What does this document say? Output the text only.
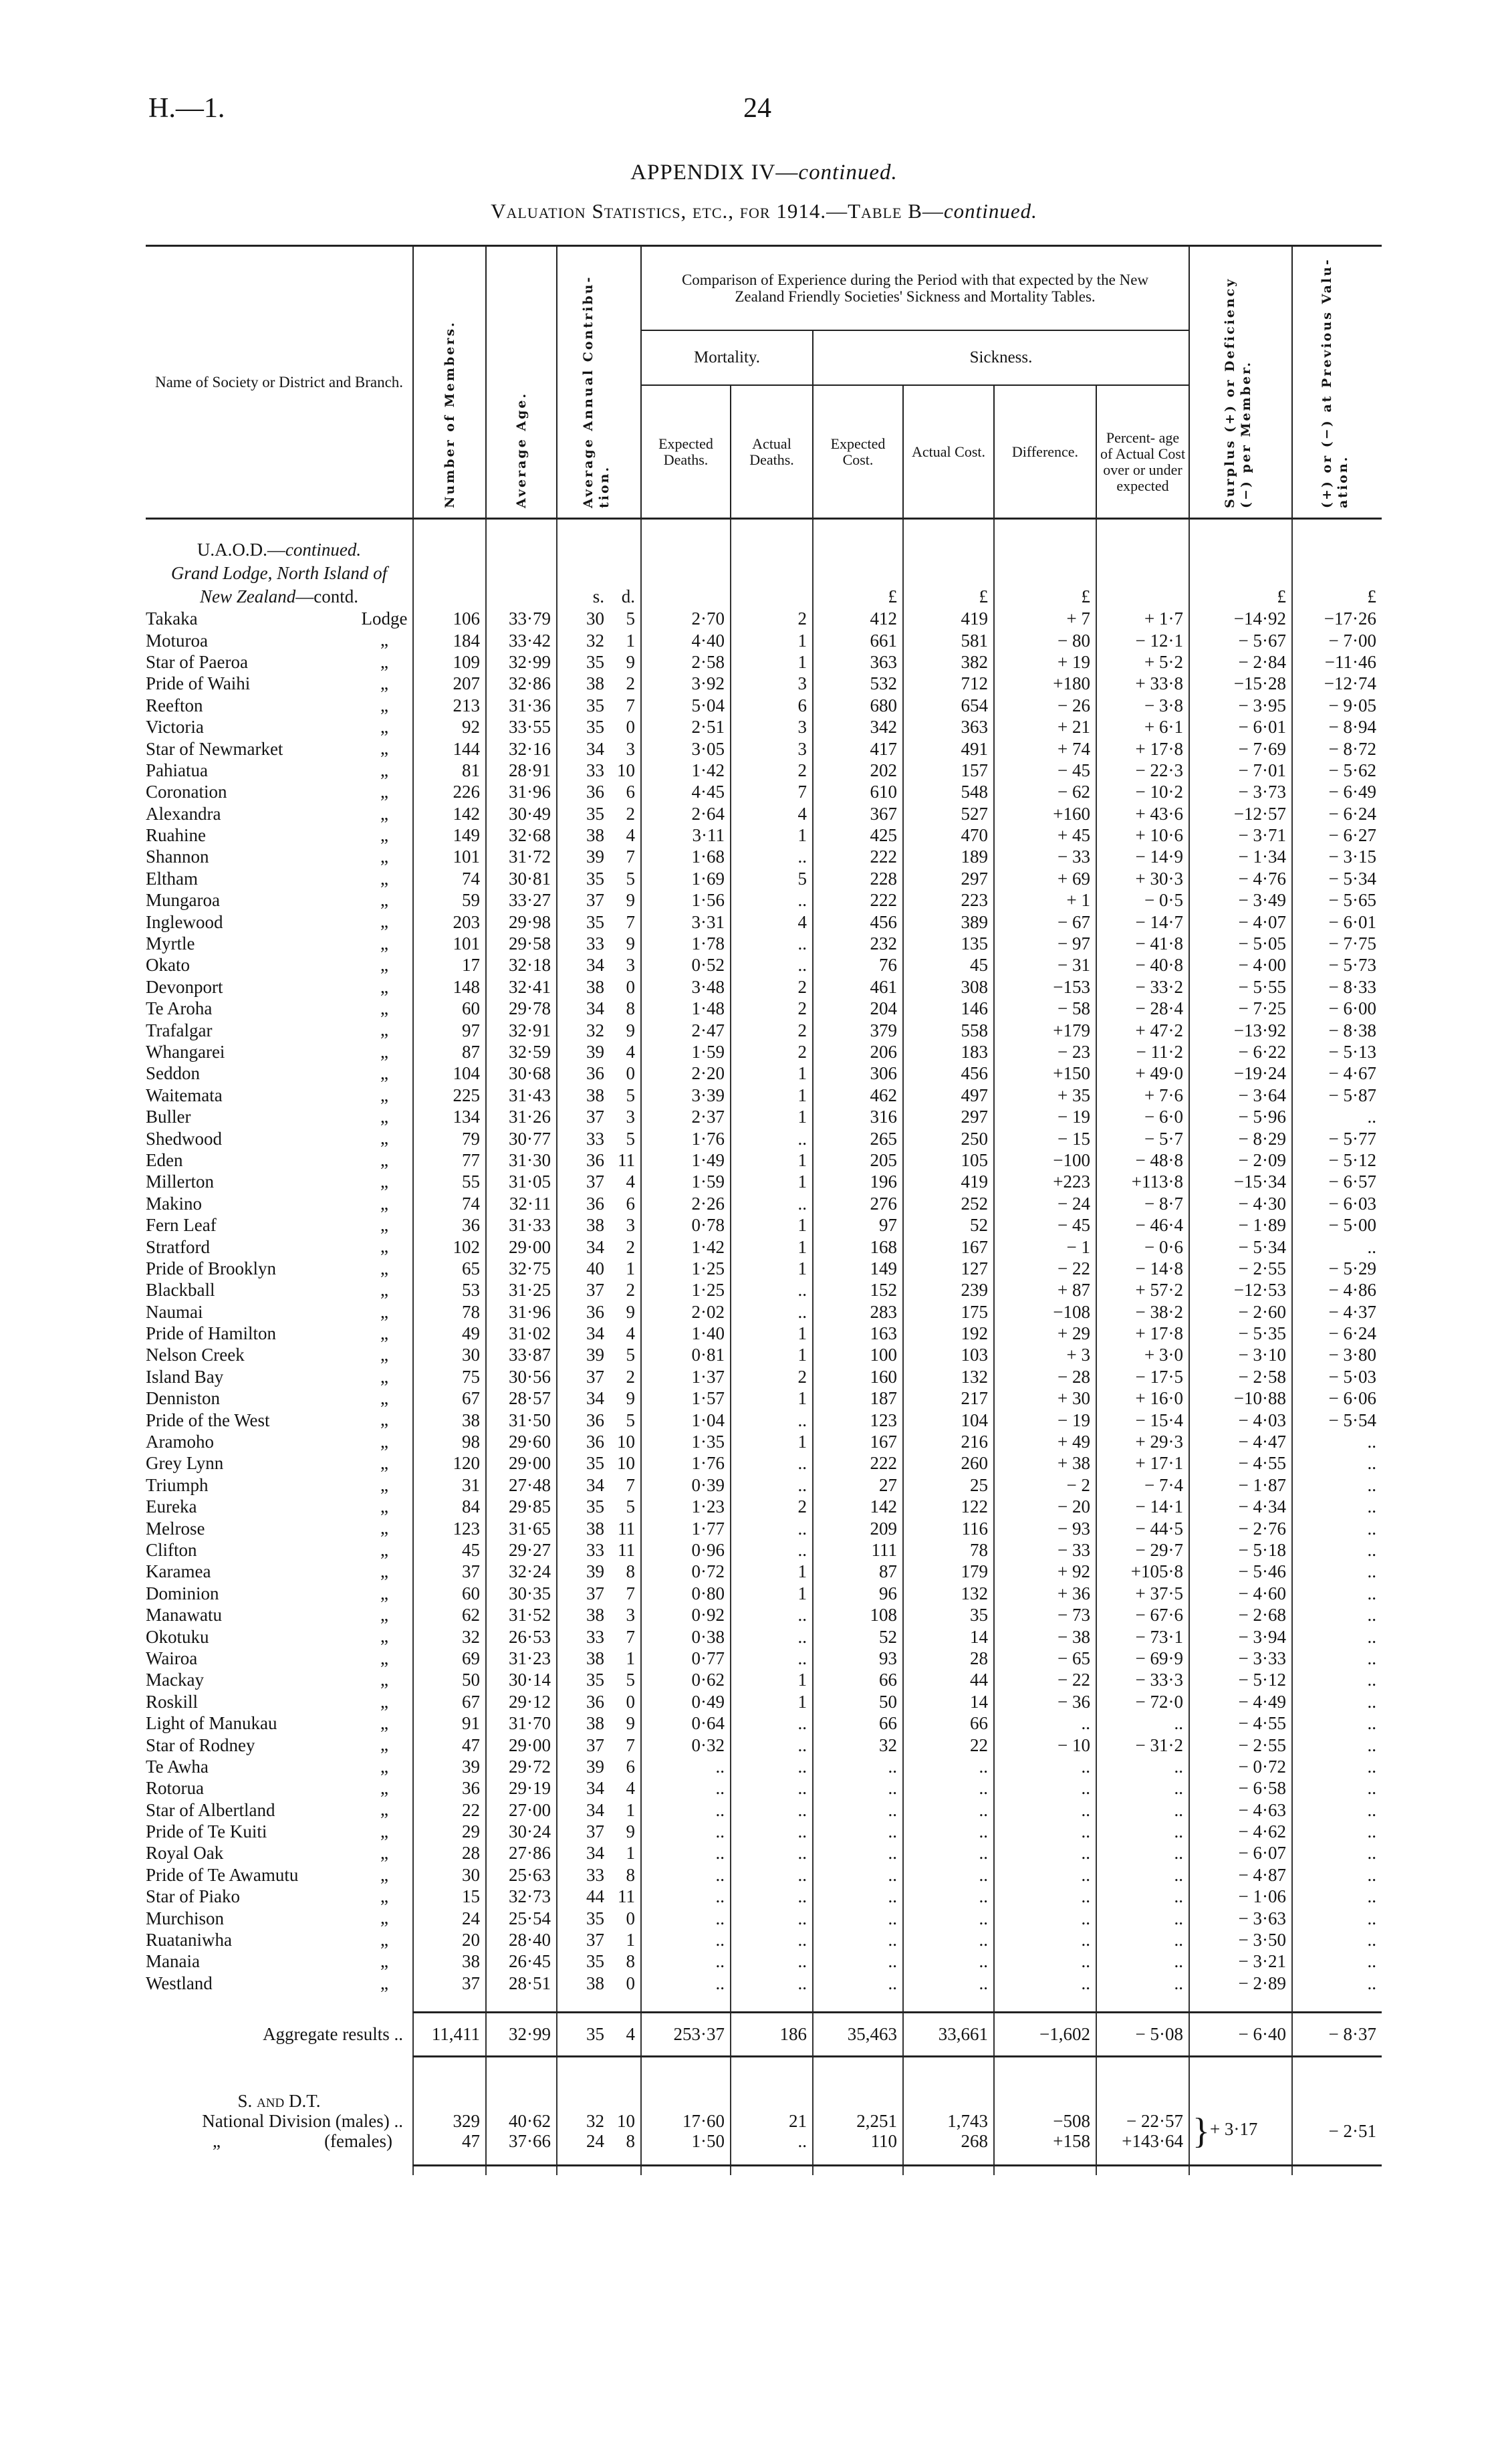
H.—1.	24
APPENDIX IV—continued.
Valuation Statistics, etc., for 1914.—Table B—continued.
Name of Society or District and Branch.	Number of Members.	Average Age.	Average Annual Contribu- tion.	Comparison of Experience during the Period with that expected by the New Zealand Friendly Societies' Sickness and Mortality Tables.						Surplus (+) or Deficiency (−) per Member.	(+) or (−) at Previous Valu- ation.

				Mortality.		Sickness.					
				Expected Deaths.	Actual Deaths.	Expected Cost.	Actual Cost.	Difference.	Percent- age of Actual Cost over or under expected		

U.A.O.D.—continued.											
Grand Lodge, North Island of											
New Zealand—contd.			s. d.			£	£	£		£	£
Takaka Lodge	106	33·79	30 5	2·70	2	412	419	+ 7	+ 1·7	−14·92	−17·26
Moturoa „	184	33·42	32 1	4·40	1	661	581	− 80	− 12·1	− 5·67	− 7·00
Star of Paeroa „	109	32·99	35 9	2·58	1	363	382	+ 19	+ 5·2	− 2·84	−11·46
Pride of Waihi „	207	32·86	38 2	3·92	3	532	712	+180	+ 33·8	−15·28	−12·74
Reefton „	213	31·36	35 7	5·04	6	680	654	− 26	− 3·8	− 3·95	− 9·05
Victoria „	92	33·55	35 0	2·51	3	342	363	+ 21	+ 6·1	− 6·01	− 8·94
Star of Newmarket „	144	32·16	34 3	3·05	3	417	491	+ 74	+ 17·8	− 7·69	− 8·72
Pahiatua „	81	28·91	33 10	1·42	2	202	157	− 45	− 22·3	− 7·01	− 5·62
Coronation „	226	31·96	36 6	4·45	7	610	548	− 62	− 10·2	− 3·73	− 6·49
Alexandra „	142	30·49	35 2	2·64	4	367	527	+160	+ 43·6	−12·57	− 6·24
Ruahine „	149	32·68	38 4	3·11	1	425	470	+ 45	+ 10·6	− 3·71	− 6·27
Shannon „	101	31·72	39 7	1·68	..	222	189	− 33	− 14·9	− 1·34	− 3·15
Eltham „	74	30·81	35 5	1·69	5	228	297	+ 69	+ 30·3	− 4·76	− 5·34
Mungaroa „	59	33·27	37 9	1·56	..	222	223	+ 1	− 0·5	− 3·49	− 5·65
Inglewood „	203	29·98	35 7	3·31	4	456	389	− 67	− 14·7	− 4·07	− 6·01
Myrtle „	101	29·58	33 9	1·78	..	232	135	− 97	− 41·8	− 5·05	− 7·75
Okato „	17	32·18	34 3	0·52	..	76	45	− 31	− 40·8	− 4·00	− 5·73
Devonport „	148	32·41	38 0	3·48	2	461	308	−153	− 33·2	− 5·55	− 8·33
Te Aroha „	60	29·78	34 8	1·48	2	204	146	− 58	− 28·4	− 7·25	− 6·00
Trafalgar „	97	32·91	32 9	2·47	2	379	558	+179	+ 47·2	−13·92	− 8·38
Whangarei „	87	32·59	39 4	1·59	2	206	183	− 23	− 11·2	− 6·22	− 5·13
Seddon „	104	30·68	36 0	2·20	1	306	456	+150	+ 49·0	−19·24	− 4·67
Waitemata „	225	31·43	38 5	3·39	1	462	497	+ 35	+ 7·6	− 3·64	− 5·87
Buller „	134	31·26	37 3	2·37	1	316	297	− 19	− 6·0	− 5·96	..
Shedwood „	79	30·77	33 5	1·76	..	265	250	− 15	− 5·7	− 8·29	− 5·77
Eden „	77	31·30	36 11	1·49	1	205	105	−100	− 48·8	− 2·09	− 5·12
Millerton „	55	31·05	37 4	1·59	1	196	419	+223	+113·8	−15·34	− 6·57
Makino „	74	32·11	36 6	2·26	..	276	252	− 24	− 8·7	− 4·30	− 6·03
Fern Leaf „	36	31·33	38 3	0·78	1	97	52	− 45	− 46·4	− 1·89	− 5·00
Stratford „	102	29·00	34 2	1·42	1	168	167	− 1	− 0·6	− 5·34	..
Pride of Brooklyn „	65	32·75	40 1	1·25	1	149	127	− 22	− 14·8	− 2·55	− 5·29
Blackball „	53	31·25	37 2	1·25	..	152	239	+ 87	+ 57·2	−12·53	− 4·86
Naumai „	78	31·96	36 9	2·02	..	283	175	−108	− 38·2	− 2·60	− 4·37
Pride of Hamilton „	49	31·02	34 4	1·40	1	163	192	+ 29	+ 17·8	− 5·35	− 6·24
Nelson Creek „	30	33·87	39 5	0·81	1	100	103	+ 3	+ 3·0	− 3·10	− 3·80
Island Bay „	75	30·56	37 2	1·37	2	160	132	− 28	− 17·5	− 2·58	− 5·03
Denniston „	67	28·57	34 9	1·57	1	187	217	+ 30	+ 16·0	−10·88	− 6·06
Pride of the West „	38	31·50	36 5	1·04	..	123	104	− 19	− 15·4	− 4·03	− 5·54
Aramoho „	98	29·60	36 10	1·35	1	167	216	+ 49	+ 29·3	− 4·47	..
Grey Lynn „	120	29·00	35 10	1·76	..	222	260	+ 38	+ 17·1	− 4·55	..
Triumph „	31	27·48	34 7	0·39	..	27	25	− 2	− 7·4	− 1·87	..
Eureka „	84	29·85	35 5	1·23	2	142	122	− 20	− 14·1	− 4·34	..
Melrose „	123	31·65	38 11	1·77	..	209	116	− 93	− 44·5	− 2·76	..
Clifton „	45	29·27	33 11	0·96	..	111	78	− 33	− 29·7	− 5·18	..
Karamea „	37	32·24	39 8	0·72	1	87	179	+ 92	+105·8	− 5·46	..
Dominion „	60	30·35	37 7	0·80	1	96	132	+ 36	+ 37·5	− 4·60	..
Manawatu „	62	31·52	38 3	0·92	..	108	35	− 73	− 67·6	− 2·68	..
Okotuku „	32	26·53	33 7	0·38	..	52	14	− 38	− 73·1	− 3·94	..
Wairoa „	69	31·23	38 1	0·77	..	93	28	− 65	− 69·9	− 3·33	..
Mackay „	50	30·14	35 5	0·62	1	66	44	− 22	− 33·3	− 5·12	..
Roskill „	67	29·12	36 0	0·49	1	50	14	− 36	− 72·0	− 4·49	..
Light of Manukau „	91	31·70	38 9	0·64	..	66	66	..	..	− 4·55	..
Star of Rodney „	47	29·00	37 7	0·32	..	32	22	− 10	− 31·2	− 2·55	..
Te Awha „	39	29·72	39 6	..	..	..	..	..	..	− 0·72	..
Rotorua „	36	29·19	34 4	..	..	..	..	..	..	− 6·58	..
Star of Albertland „	22	27·00	34 1	..	..	..	..	..	..	− 4·63	..
Pride of Te Kuiti „	29	30·24	37 9	..	..	..	..	..	..	− 4·62	..
Royal Oak „	28	27·86	34 1	..	..	..	..	..	..	− 6·07	..
Pride of Te Awamutu „	30	25·63	33 8	..	..	..	..	..	..	− 4·87	..
Star of Piako „	15	32·73	44 11	..	..	..	..	..	..	− 1·06	..
Murchison „	24	25·54	35 0	..	..	..	..	..	..	− 3·63	..
Ruataniwha „	20	28·40	37 1	..	..	..	..	..	..	− 3·50	..
Manaia „	38	26·45	35 8	..	..	..	..	..	..	− 3·21	..
Westland „	37	28·51	38 0	..	..	..	..	..	..	− 2·89	..

Aggregate results ..	11,411	32·99	35 4	253·37	186	35,463	33,661	−1,602	− 5·08	− 6·40	− 8·37

S. and D.T.											
National Division (males) ..	329	40·62	32 10	17·60	21	2,251	1,743	−508	− 22·57	}+ 3·17	− 2·51

„ (females)	47	37·66	24 8	1·50	..	110	268	+158	+143·64		
